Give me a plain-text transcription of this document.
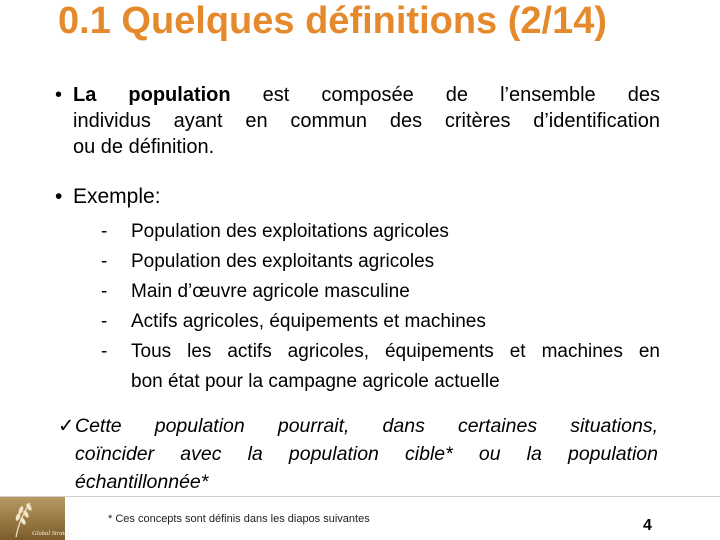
0.1 Quelques définitions (2/14)
• La population est composée de l’ensemble des
individus ayant en commun des critères d’identification
ou de définition.
• Exemple:
- Population des exploitations agricoles
- Population des exploitants agricoles
- Main d’œuvre agricole masculine
- Actifs agricoles, équipements et machines
- Tous les actifs agricoles, équipements et machines en
bon état pour la campagne agricole actuelle
✓ Cette population pourrait, dans certaines situations,
coïncider avec la population cible* ou la population
échantillonnée*
Global Strategy
* Ces concepts sont définis dans les diapos suivantes	4
